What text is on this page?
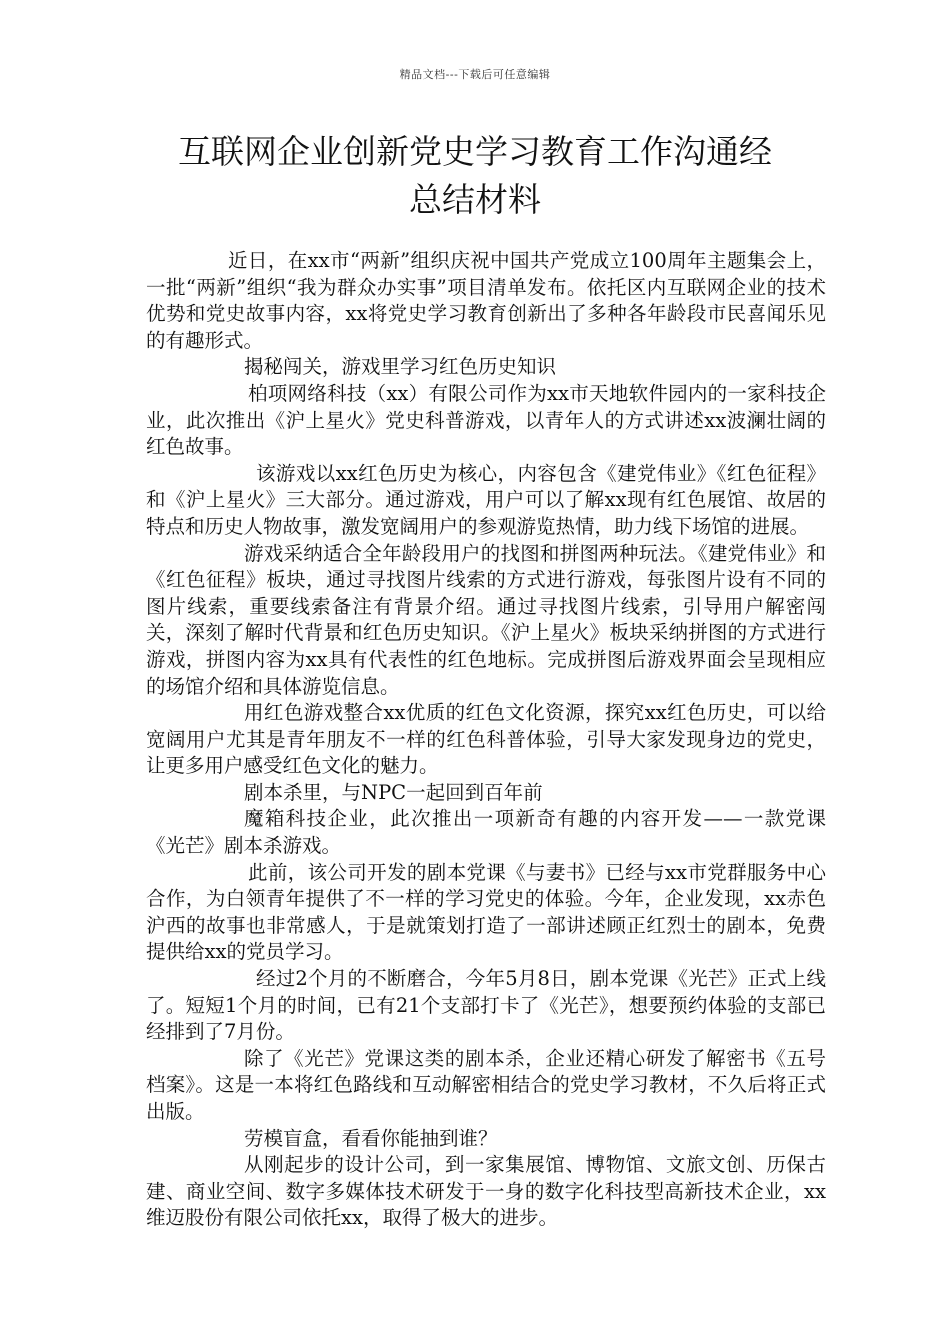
精品文档---下载后可任意编辑
互联网企业创新党史学习教育工作沟通经
总结材料

近日，在xx市“两新”组织庆祝中国共产党成立100周年主题集会上，一批“两新”组织“我为群众办实事”项目清单发布。依托区内互联网企业的技术优势和党史故事内容，xx将党史学习教育创新出了多种各年龄段市民喜闻乐见的有趣形式。

揭秘闯关，游戏里学习红色历史知识

柏项网络科技（xx）有限公司作为xx市天地软件园内的一家科技企业，此次推出《沪上星火》党史科普游戏，以青年人的方式讲述xx波澜壮阔的红色故事。

该游戏以xx红色历史为核心，内容包含《建党伟业》《红色征程》和《沪上星火》三大部分。通过游戏，用户可以了解xx现有红色展馆、故居的特点和历史人物故事，激发宽阔用户的参观游览热情，助力线下场馆的进展。

游戏采纳适合全年龄段用户的找图和拼图两种玩法。《建党伟业》和《红色征程》板块，通过寻找图片线索的方式进行游戏，每张图片设有不同的图片线索，重要线索备注有背景介绍。通过寻找图片线索，引导用户解密闯关，深刻了解时代背景和红色历史知识。《沪上星火》板块采纳拼图的方式进行游戏，拼图内容为xx具有代表性的红色地标。完成拼图后游戏界面会呈现相应的场馆介绍和具体游览信息。

用红色游戏整合xx优质的红色文化资源，探究xx红色历史，可以给宽阔用户尤其是青年朋友不一样的红色科普体验，引导大家发现身边的党史，让更多用户感受红色文化的魅力。

剧本杀里，与NPC一起回到百年前

魔箱科技企业，此次推出一项新奇有趣的内容开发——一款党课《光芒》剧本杀游戏。

此前，该公司开发的剧本党课《与妻书》已经与xx市党群服务中心合作，为白领青年提供了不一样的学习党史的体验。今年，企业发现，xx赤色沪西的故事也非常感人，于是就策划打造了一部讲述顾正红烈士的剧本，免费提供给xx的党员学习。

经过2个月的不断磨合，今年5月8日，剧本党课《光芒》正式上线了。短短1个月的时间，已有21个支部打卡了《光芒》，想要预约体验的支部已经排到了7月份。

除了《光芒》党课这类的剧本杀，企业还精心研发了解密书《五号档案》。这是一本将红色路线和互动解密相结合的党史学习教材，不久后将正式出版。

劳模盲盒，看看你能抽到谁？

从刚起步的设计公司，到一家集展馆、博物馆、文旅文创、历保古建、商业空间、数字多媒体技术研发于一身的数字化科技型高新技术企业，xx维迈股份有限公司依托xx，取得了极大的进步。
